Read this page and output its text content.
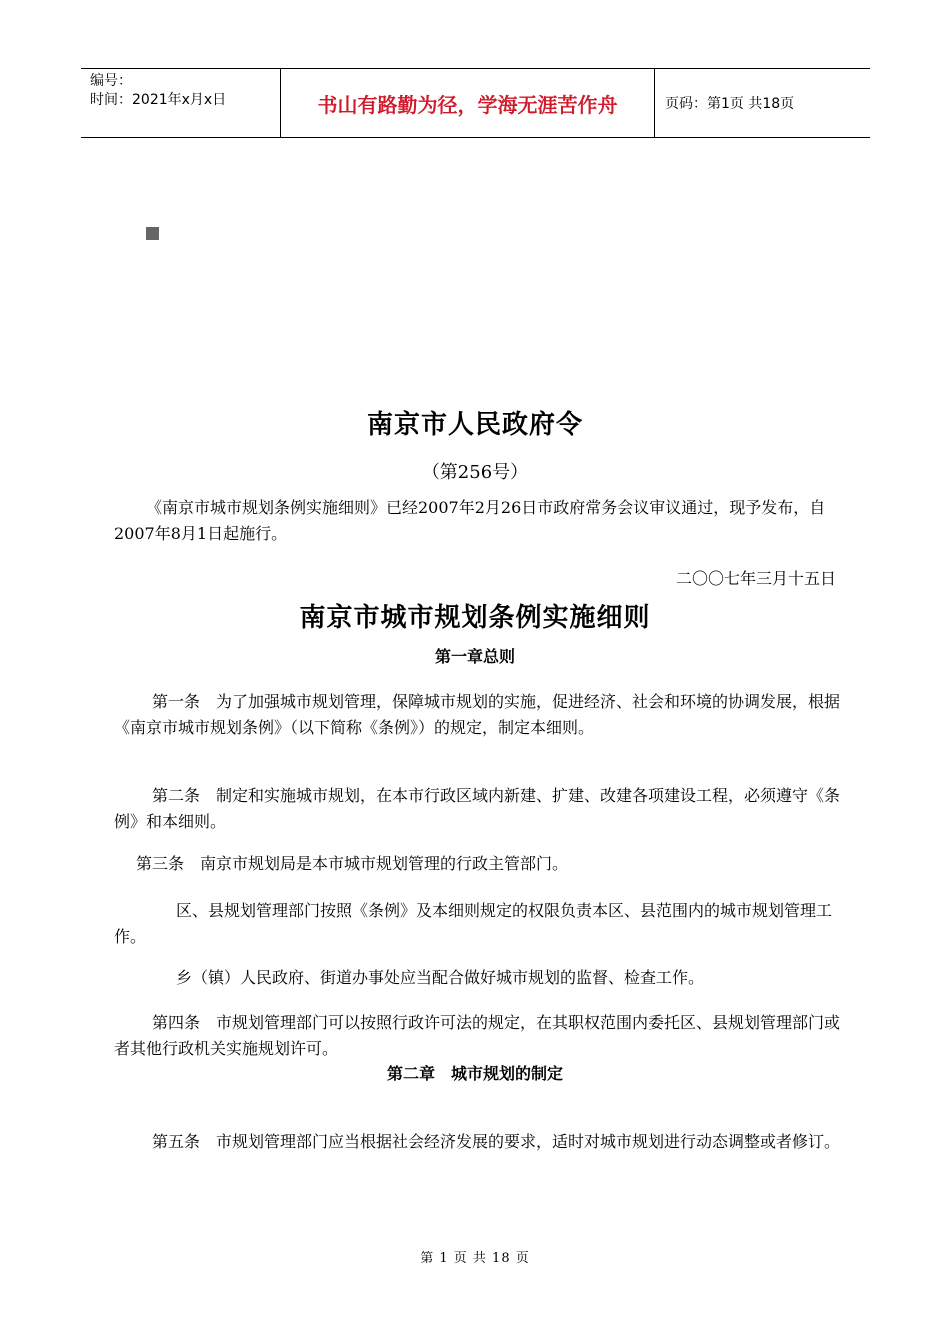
编号：
时间：2021年x月x日	书山有路勤为径，学海无涯苦作舟	页码：第1页 共18页
南京市人民政府令
（第256号）
《南京市城市规划条例实施细则》已经2007年2月26日市政府常务会议审议通过，现予发布，自2007年8月1日起施行。
二〇〇七年三月十五日
南京市城市规划条例实施细则
第一章总则
第一条　为了加强城市规划管理，保障城市规划的实施，促进经济、社会和环境的协调发展，根据《南京市城市规划条例》（以下简称《条例》）的规定，制定本细则。
第二条　制定和实施城市规划，在本市行政区域内新建、扩建、改建各项建设工程，必须遵守《条例》和本细则。
第三条　南京市规划局是本市城市规划管理的行政主管部门。
区、县规划管理部门按照《条例》及本细则规定的权限负责本区、县范围内的城市规划管理工作。
乡（镇）人民政府、街道办事处应当配合做好城市规划的监督、检查工作。
第四条　市规划管理部门可以按照行政许可法的规定，在其职权范围内委托区、县规划管理部门或者其他行政机关实施规划许可。
第二章　城市规划的制定
第五条　市规划管理部门应当根据社会经济发展的要求，适时对城市规划进行动态调整或者修订。
第 1 页 共 18 页
